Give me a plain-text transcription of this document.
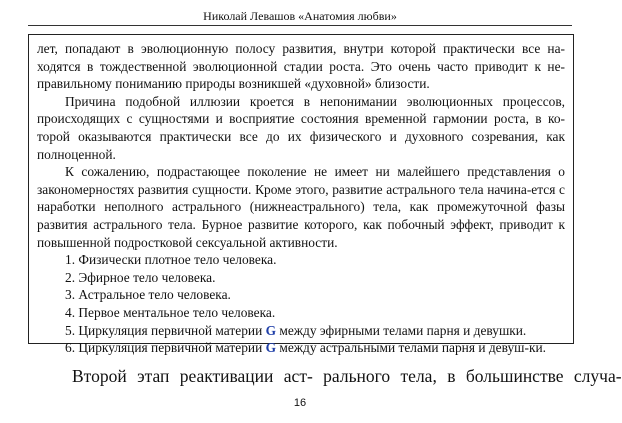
Николай Левашов «Анатомия любви»

лет, попадают в эволюционную полосу развития, внутри которой практически все на-ходятся в тождественной эволюционной стадии роста. Это очень часто приводит к не-правильному пониманию природы возникшей «духовной» близости.

Причина подобной иллюзии кроется в непонимании эволюционных процессов, происходящих с сущностями и восприятие состояния временной гармонии роста, в ко-торой оказываются практически все до их физического и духовного созревания, как полноценной.

К сожалению, подрастающее поколение не имеет ни малейшего представления о закономерностях развития сущности. Кроме этого, развитие астрального тела начина-ется с наработки неполного астрального (нижнеастрального) тела, как промежуточной фазы развития астрального тела. Бурное развитие которого, как побочный эффект, приводит к повышенной подростковой сексуальной активности.

1. Физически плотное тело человека.
2. Эфирное тело человека.
3. Астральное тело человека.
4. Первое ментальное тело человека.
5. Циркуляция первичной материи G между эфирными телами парня и девушки.
6. Циркуляция первичной материи G между астральными телами парня и девуш-ки.
Второй этап реактивации аст- рального тела, в большинстве случа-
16
